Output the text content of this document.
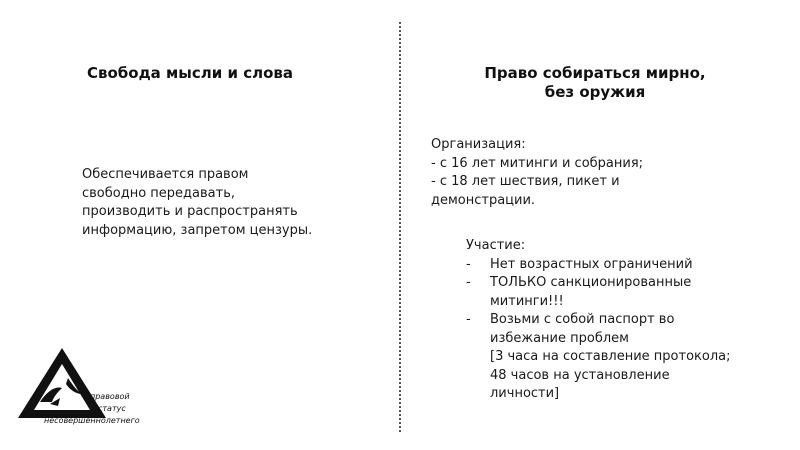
Свобода мысли и слова
Обеспечивается правом
свободно передавать,
производить и распространять
информацию, запретом цензуры.
Право собираться мирно,
без оружия
Организация:
- с 16 лет митинги и собрания;
- с 18 лет шествия, пикет и
демонстрации.
Участие:
- Нет возрастных ограничений
- ТОЛЬКО санкционированные
митинги!!!
- Возьми с собой паспорт во
избежание проблем
[3 часа на составление протокола;
48 часов на установление
личности]
правовой
статус
несовершеннолетнего
